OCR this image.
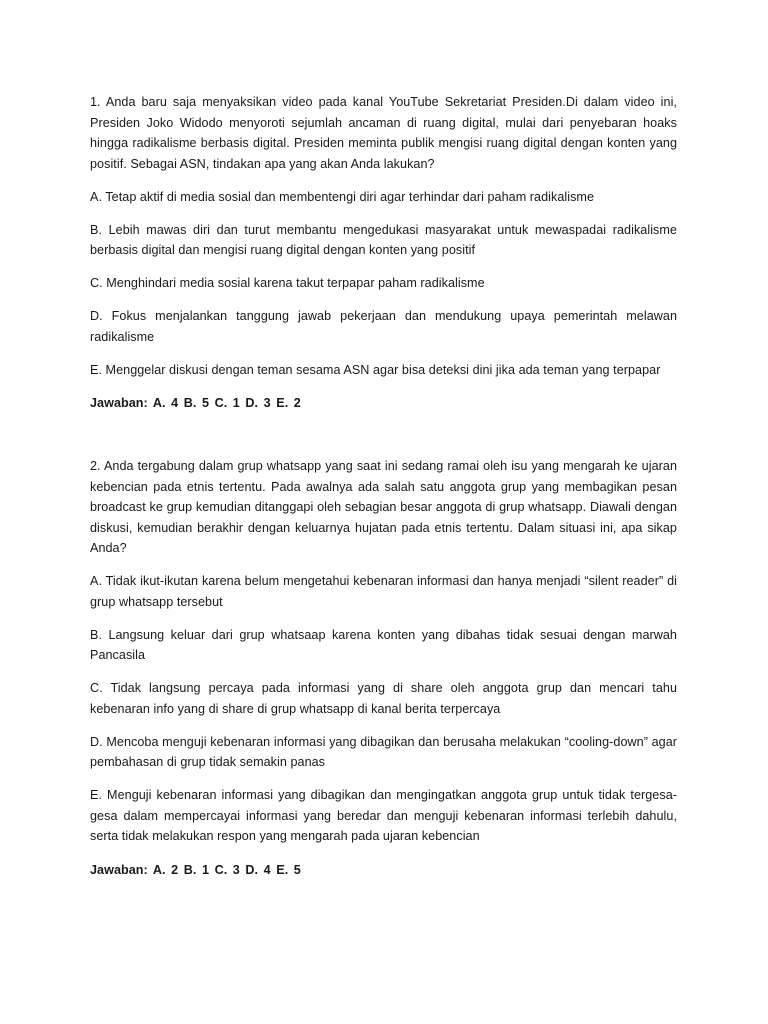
1. Anda baru saja menyaksikan video pada kanal YouTube Sekretariat Presiden.Di dalam video ini, Presiden Joko Widodo menyoroti sejumlah ancaman di ruang digital, mulai dari penyebaran hoaks hingga radikalisme berbasis digital. Presiden meminta publik mengisi ruang digital dengan konten yang positif. Sebagai ASN, tindakan apa yang akan Anda lakukan?

A. Tetap aktif di media sosial dan membentengi diri agar terhindar dari paham radikalisme

B. Lebih mawas diri dan turut membantu mengedukasi masyarakat untuk mewaspadai radikalisme berbasis digital dan mengisi ruang digital dengan konten yang positif

C. Menghindari media sosial karena takut terpapar paham radikalisme

D. Fokus menjalankan tanggung jawab pekerjaan dan mendukung upaya pemerintah melawan radikalisme

E. Menggelar diskusi dengan teman sesama ASN agar bisa deteksi dini jika ada teman yang terpapar

Jawaban: A. 4 B. 5 C. 1 D. 3 E. 2

2. Anda tergabung dalam grup whatsapp yang saat ini sedang ramai oleh isu yang mengarah ke ujaran kebencian pada etnis tertentu. Pada awalnya ada salah satu anggota grup yang membagikan pesan broadcast ke grup kemudian ditanggapi oleh sebagian besar anggota di grup whatsapp. Diawali dengan diskusi, kemudian berakhir dengan keluarnya hujatan pada etnis tertentu. Dalam situasi ini, apa sikap Anda?

A. Tidak ikut-ikutan karena belum mengetahui kebenaran informasi dan hanya menjadi “silent reader” di grup whatsapp tersebut

B. Langsung keluar dari grup whatsaap karena konten yang dibahas tidak sesuai dengan marwah Pancasila

C. Tidak langsung percaya pada informasi yang di share oleh anggota grup dan mencari tahu kebenaran info yang di share di grup whatsapp di kanal berita terpercaya

D. Mencoba menguji kebenaran informasi yang dibagikan dan berusaha melakukan “cooling-down” agar pembahasan di grup tidak semakin panas

E. Menguji kebenaran informasi yang dibagikan dan mengingatkan anggota grup untuk tidak tergesa-gesa dalam mempercayai informasi yang beredar dan menguji kebenaran informasi terlebih dahulu, serta tidak melakukan respon yang mengarah pada ujaran kebencian

Jawaban: A. 2 B. 1 C. 3 D. 4 E. 5
